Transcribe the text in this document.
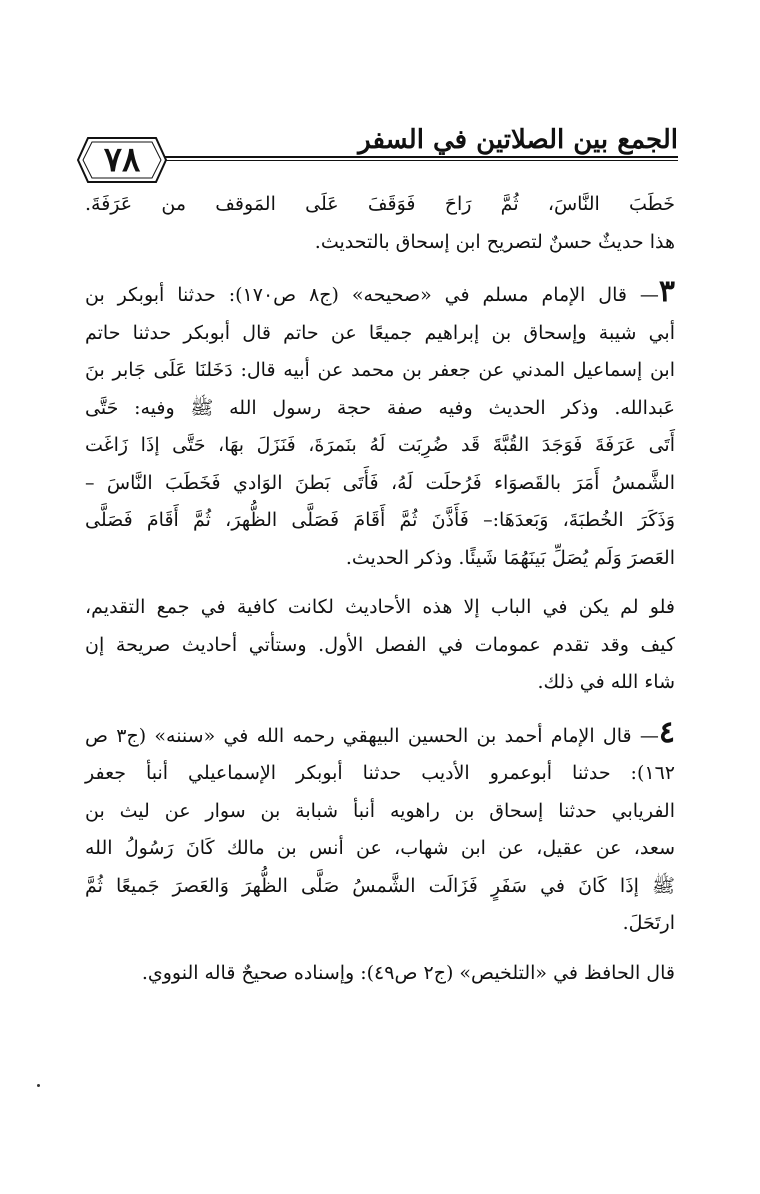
الجمع بين الصلاتين في السفر
٧٨

خَطَبَ النَّاسَ، ثُمَّ رَاحَ فَوَقَفَ عَلَى المَوقف من عَرَفَةَ.
هذا حديثٌ حسنٌ لتصريح ابن إسحاق بالتحديث.

٣— قال الإمام مسلم في «صحيحه» (ج٨ ص١٧٠): حدثنا أبوبكر بن
أبي شيبة وإسحاق بن إبراهيم جميعًا عن حاتم قال أبوبكر حدثنا حاتم
ابن إسماعيل المدني عن جعفر بن محمد عن أبيه قال: دَخَلنَا عَلَى جَابر بنَ
عَبدالله. وذكر الحديث وفيه صفة حجة رسول الله ﷺ وفيه: حَتَّى
أَتَى عَرَفَةَ فَوَجَدَ القُبَّةَ قَد ضُرِبَت لَهُ بنَمرَةَ، فَنَزَلَ بهَا، حَتَّى إذَا زَاغَت
الشَّمسُ أَمَرَ بالقَصوَاء فَرُحلَت لَهُ، فَأَتَى بَطنَ الوَادي فَخَطَبَ النَّاسَ –
وَذَكَرَ الخُطبَةَ، وَبَعدَهَا:– فَأَذَّنَ ثُمَّ أَقَامَ فَصَلَّى الظُّهرَ، ثُمَّ أَقَامَ فَصَلَّى
العَصرَ وَلَم يُصَلِّ بَينَهُمَا شَيئًا. وذكر الحديث.

فلو لم يكن في الباب إلا هذه الأحاديث لكانت كافية في جمع التقديم،
كيف وقد تقدم عمومات في الفصل الأول. وستأتي أحاديث صريحة إن
شاء الله في ذلك.

٤— قال الإمام أحمد بن الحسين البيهقي رحمه الله في «سننه» (ج٣ ص
١٦٢): حدثنا أبوعمرو الأديب حدثنا أبوبكر الإسماعيلي أنبأ جعفر
الفريابي حدثنا إسحاق بن راهويه أنبأ شبابة بن سوار عن ليث بن
سعد، عن عقيل، عن ابن شهاب، عن أنس بن مالك كَانَ رَسُولُ الله
ﷺ إذَا كَانَ في سَفَرٍ فَزَالَت الشَّمسُ صَلَّى الظُّهرَ وَالعَصرَ جَميعًا ثُمَّ
ارتَحَلَ.

قال الحافظ في «التلخيص» (ج٢ ص٤٩): وإسناده صحيحٌ قاله النووي.
